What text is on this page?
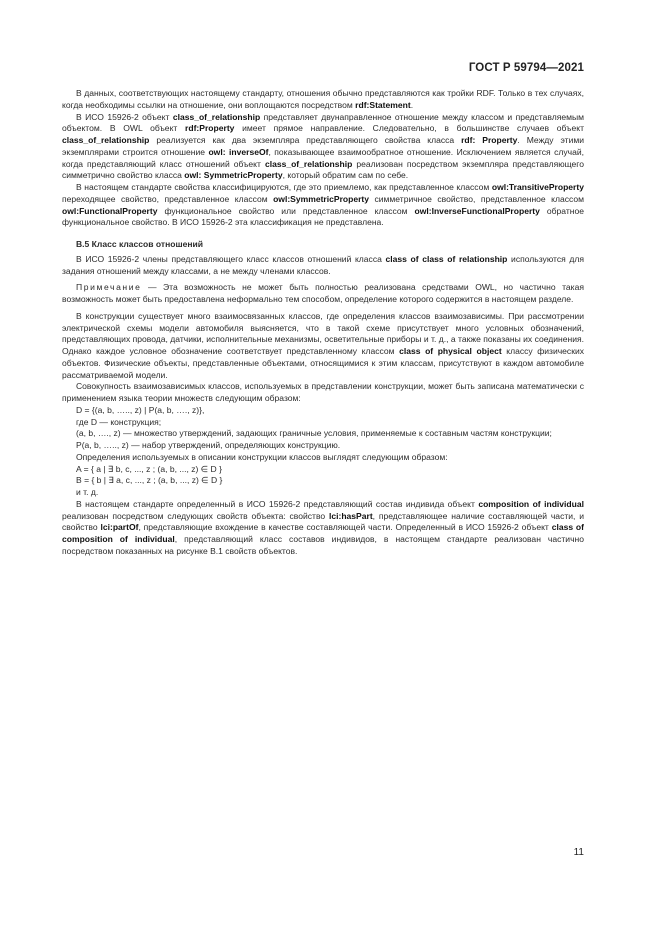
ГОСТ Р 59794—2021

В данных, соответствующих настоящему стандарту, отношения обычно представляются как тройки RDF. Только в тех случаях, когда необходимы ссылки на отношение, они воплощаются посредством rdf:Statement.

В ИСО 15926-2 объект class_of_relationship представляет двунаправленное отношение между классом и представляемым объектом. В OWL объект rdf:Property имеет прямое направление. Следовательно, в большинстве случаев объект class_of_relationship реализуется как два экземпляра представляющего свойства класса rdf: Property. Между этими экземплярами строится отношение owl: inverseOf, показывающее взаимообратное отношение. Исключением является случай, когда представляющий класс отношений объект class_of_relationship реализован посредством экземпляра представляющего симметрично свойство класса owl: SymmetricProperty, который обратим сам по себе.

В настоящем стандарте свойства классифицируются, где это приемлемо, как представленное классом owl:TransitiveProperty переходящее свойство, представленное классом owl:SymmetricProperty симметричное свойство, представленное классом owl:FunctionalProperty функциональное свойство или представленное классом owl:InverseFunctionalProperty обратное функциональное свойство. В ИСО 15926-2 эта классификация не представлена.

В.5 Класс классов отношений

В ИСО 15926-2 члены представляющего класс классов отношений класса class of class of relationship используются для задания отношений между классами, а не между членами классов.

Примечание — Эта возможность не может быть полностью реализована средствами OWL, но частично такая возможность может быть предоставлена неформально тем способом, определение которого содержится в настоящем разделе.

В конструкции существует много взаимосвязанных классов, где определения классов взаимозависимы. При рассмотрении электрической схемы модели автомобиля выясняется, что в такой схеме присутствует много условных обозначений, представляющих провода, датчики, исполнительные механизмы, осветительные приборы и т. д., а также показаны их соединения. Однако каждое условное обозначение соответствует представленному классом class of physical object классу физических объектов. Физические объекты, представленные объектами, относящимися к этим классам, присутствуют в каждом автомобиле рассматриваемой модели.

Совокупность взаимозависимых классов, используемых в представлении конструкции, может быть записана математически с применением языка теории множеств следующим образом:

D = {(a, b, ….., z) | P(a, b, …., z)},

где D — конструкция;

(a, b, …., z) — множество утверждений, задающих граничные условия, применяемые к составным частям конструкции;

P(a, b, ….., z) — набор утверждений, определяющих конструкцию.

Определения используемых в описании конструкции классов выглядят следующим образом:

A = { a | ∃ b, c, ..., z ; (a, b, ..., z) ∈ D }

B = { b | ∃ a, c, ..., z ; (a, b, ..., z) ∈ D }

и т. д.

В настоящем стандарте определенный в ИСО 15926-2 представляющий состав индивида объект composition of individual реализован посредством следующих свойств объекта: свойство lci:hasPart, представляющее наличие составляющей части, и свойство lci:partOf, представляющие вхождение в качестве составляющей части. Определенный в ИСО 15926-2 объект class of composition of individual, представляющий класс составов индивидов, в настоящем стандарте реализован частично посредством показанных на рисунке В.1 свойств объектов.

11
